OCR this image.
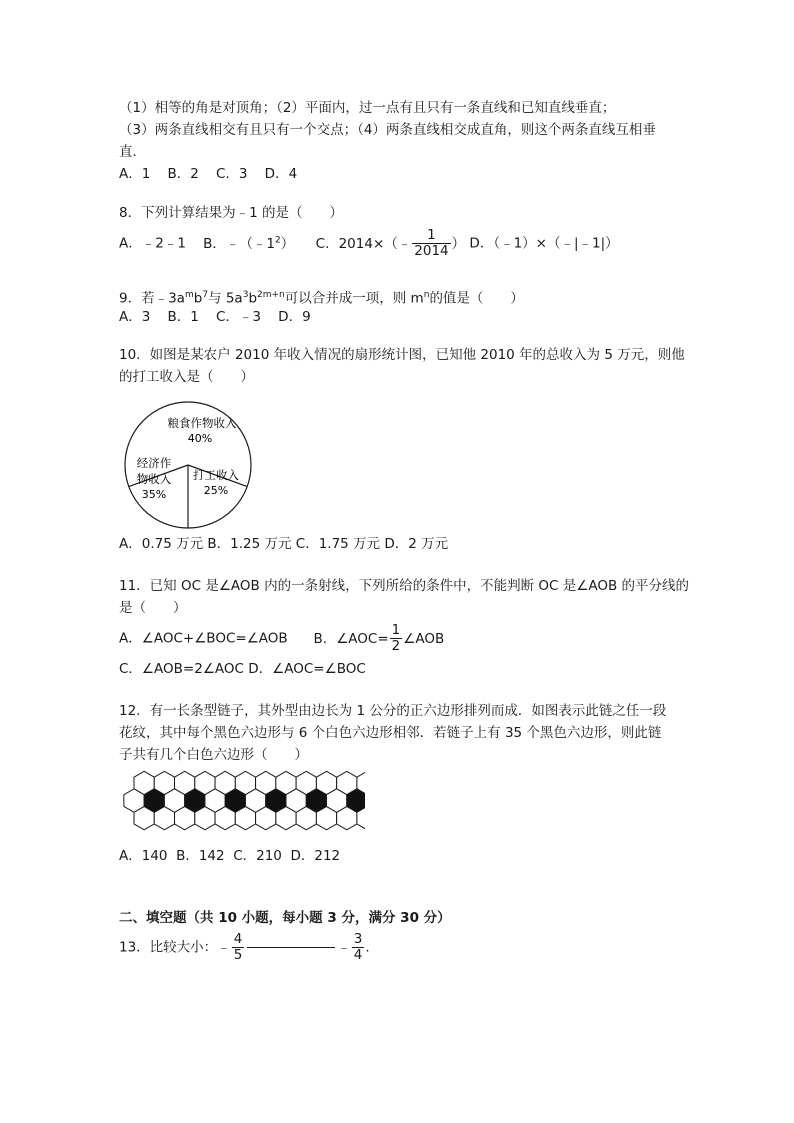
（1）相等的角是对顶角；（2）平面内，过一点有且只有一条直线和已知直线垂直；
（3）两条直线相交有且只有一个交点；（4）两条直线相交成直角，则这个两条直线互相垂
直．
A．1    B．2    C．3    D．4
8．下列计算结果为﹣1 的是（　　）
A．﹣2﹣1 B．$﹣(﹣1^2)$ C．2014×（﹣ $\frac{1}{2014}$ ） D．（﹣1）×（﹣|﹣1|）
9．若$﹣3a^mb^7$与 $5a^3b^{2m+n}$可以合并成一项，则 $m^n$的值是（　　）
A．3    B．1    C．﹣3    D．9
10．如图是某农户 2010 年收入情况的扇形统计图，已知他 2010 年的总收入为 5 万元，则他
的打工收入是（　　）
粮食作物收入
40%
经济作
物收入
35%
打工收入
25%
A．0.75 万元 B．1.25 万元 C．1.75 万元 D．2 万元
11．已知 OC 是∠AOB 内的一条射线，下列所给的条件中，不能判断 OC 是∠AOB 的平分线的
是（　　）
A．∠AOC+∠BOC=∠AOB B．∠AOC= $\frac{1}{2}$ ∠AOB
C．∠AOB=2∠AOC D．∠AOC=∠BOC
12．有一长条型链子，其外型由边长为 1 公分的正六边形排列而成．如图表示此链之任一段
花纹，其中每个黑色六边形与 6 个白色六边形相邻．若链子上有 35 个黑色六边形，则此链
子共有几个白色六边形（　　）
A．140  B．142  C．210  D．212
二、填空题（共 10 小题，每小题 3 分，满分 30 分）
13．比较大小：﹣ $\frac{4}{5}$	﹣ $\frac{3}{4}$ .
